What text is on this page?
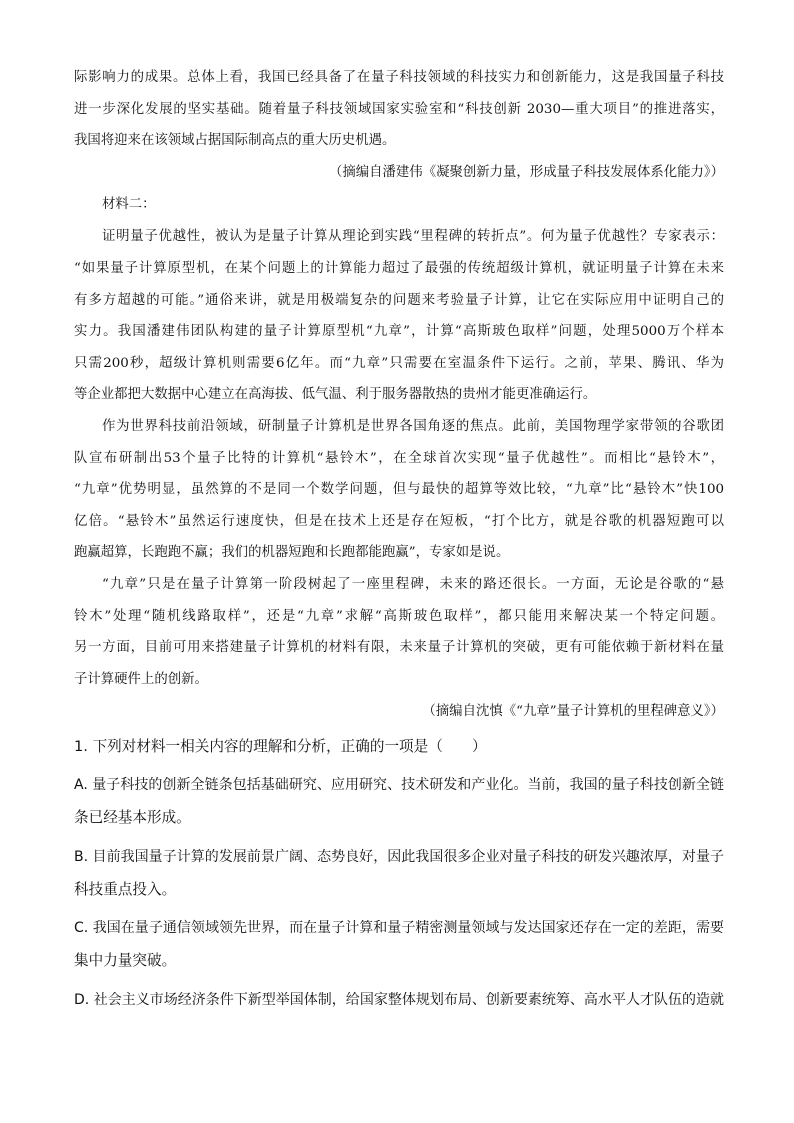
际影响力的成果。总体上看，我国已经具备了在量子科技领域的科技实力和创新能力，这是我国量子科技
进一步深化发展的坚实基础。随着量子科技领域国家实验室和“科技创新 2030—重大项目”的推进落实，
我国将迎来在该领域占据国际制高点的重大历史机遇。
（摘编自潘建伟《凝聚创新力量，形成量子科技发展体系化能力》）
材料二：
证明量子优越性，被认为是量子计算从理论到实践“里程碑的转折点”。何为量子优越性？专家表示：
“如果量子计算原型机，在某个问题上的计算能力超过了最强的传统超级计算机，就证明量子计算在未来
有多方超越的可能。”通俗来讲，就是用极端复杂的问题来考验量子计算，让它在实际应用中证明自己的
实力。我国潘建伟团队构建的量子计算原型机“九章”，计算“高斯玻色取样”问题，处理5000万个样本
只需200秒，超级计算机则需要6亿年。而“九章”只需要在室温条件下运行。之前，苹果、腾讯、华为
等企业都把大数据中心建立在高海拔、低气温、利于服务器散热的贵州才能更准确运行。
作为世界科技前沿领域，研制量子计算机是世界各国角逐的焦点。此前，美国物理学家带领的谷歌团
队宣布研制出53个量子比特的计算机“悬铃木”，在全球首次实现“量子优越性”。而相比“悬铃木”，
“九章”优势明显，虽然算的不是同一个数学问题，但与最快的超算等效比较，“九章”比“悬铃木”快100
亿倍。“悬铃木”虽然运行速度快，但是在技术上还是存在短板，“打个比方，就是谷歌的机器短跑可以
跑赢超算，长跑跑不赢；我们的机器短跑和长跑都能跑赢”，专家如是说。
“九章”只是在量子计算第一阶段树起了一座里程碑，未来的路还很长。一方面，无论是谷歌的“悬
铃木”处理“随机线路取样”，还是“九章”求解“高斯玻色取样”，都只能用来解决某一个特定问题。
另一方面，目前可用来搭建量子计算机的材料有限，未来量子计算机的突破，更有可能依赖于新材料在量
子计算硬件上的创新。
（摘编自沈慎《“九章”量子计算机的里程碑意义》）
1. 下列对材料一相关内容的理解和分析，正确的一项是（　　）
A. 量子科技的创新全链条包括基础研究、应用研究、技术研发和产业化。当前，我国的量子科技创新全链
条已经基本形成。
B. 目前我国量子计算的发展前景广阔、态势良好，因此我国很多企业对量子科技的研发兴趣浓厚，对量子
科技重点投入。
C. 我国在量子通信领域领先世界，而在量子计算和量子精密测量领域与发达国家还存在一定的差距，需要
集中力量突破。
D. 社会主义市场经济条件下新型举国体制，给国家整体规划布局、创新要素统筹、高水平人才队伍的造就
